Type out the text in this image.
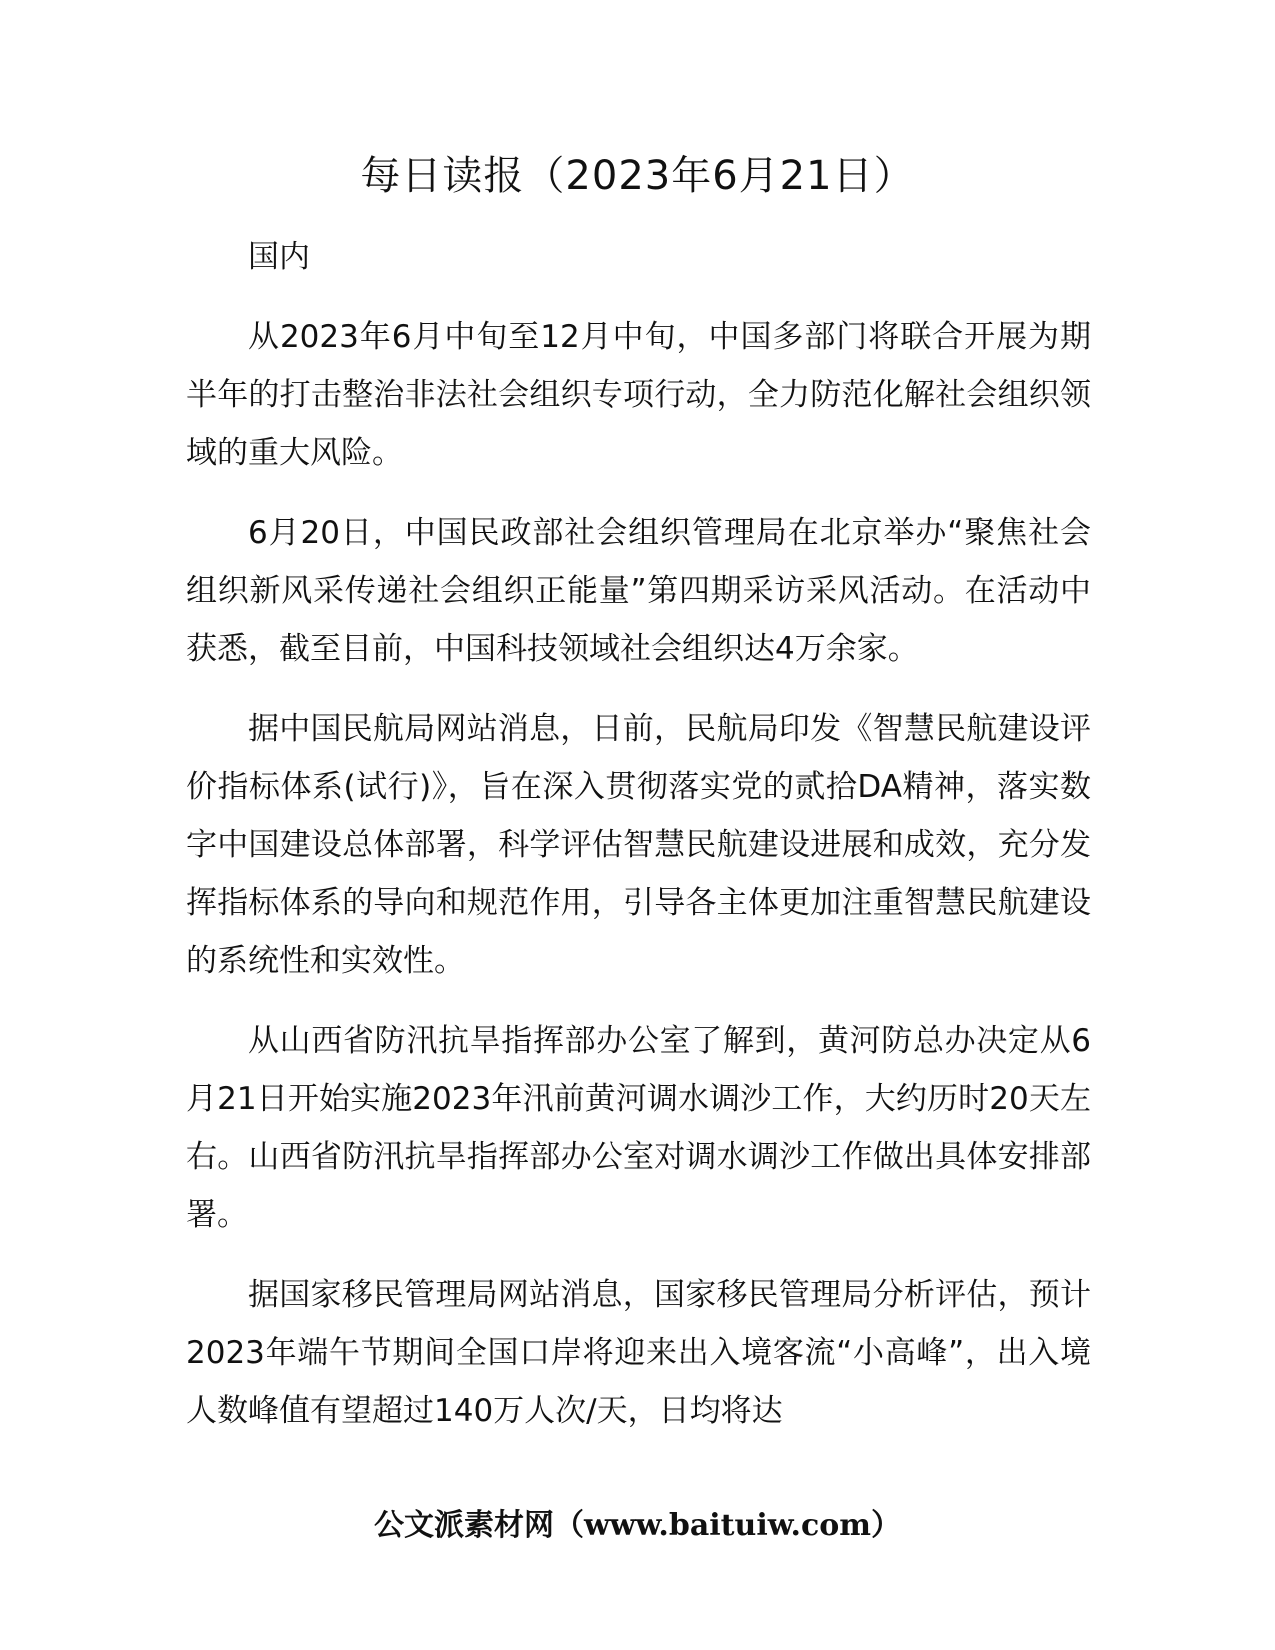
每日读报（2023年6月21日）

国内

从2023年6月中旬至12月中旬，中国多部门将联合开展为期半年的打击整治非法社会组织专项行动，全力防范化解社会组织领域的重大风险。

6月20日，中国民政部社会组织管理局在北京举办“聚焦社会组织新风采传递社会组织正能量”第四期采访采风活动。在活动中获悉，截至目前，中国科技领域社会组织达4万余家。

据中国民航局网站消息，日前，民航局印发《智慧民航建设评价指标体系(试行)》，旨在深入贯彻落实党的贰拾DA精神，落实数字中国建设总体部署，科学评估智慧民航建设进展和成效，充分发挥指标体系的导向和规范作用，引导各主体更加注重智慧民航建设的系统性和实效性。

从山西省防汛抗旱指挥部办公室了解到，黄河防总办决定从6月21日开始实施2023年汛前黄河调水调沙工作，大约历时20天左右。山西省防汛抗旱指挥部办公室对调水调沙工作做出具体安排部署。

据国家移民管理局网站消息，国家移民管理局分析评估，预计2023年端午节期间全国口岸将迎来出入境客流“小高峰”，出入境人数峰值有望超过140万人次/天，日均将达

公文派素材网（www.baituiw.com）
